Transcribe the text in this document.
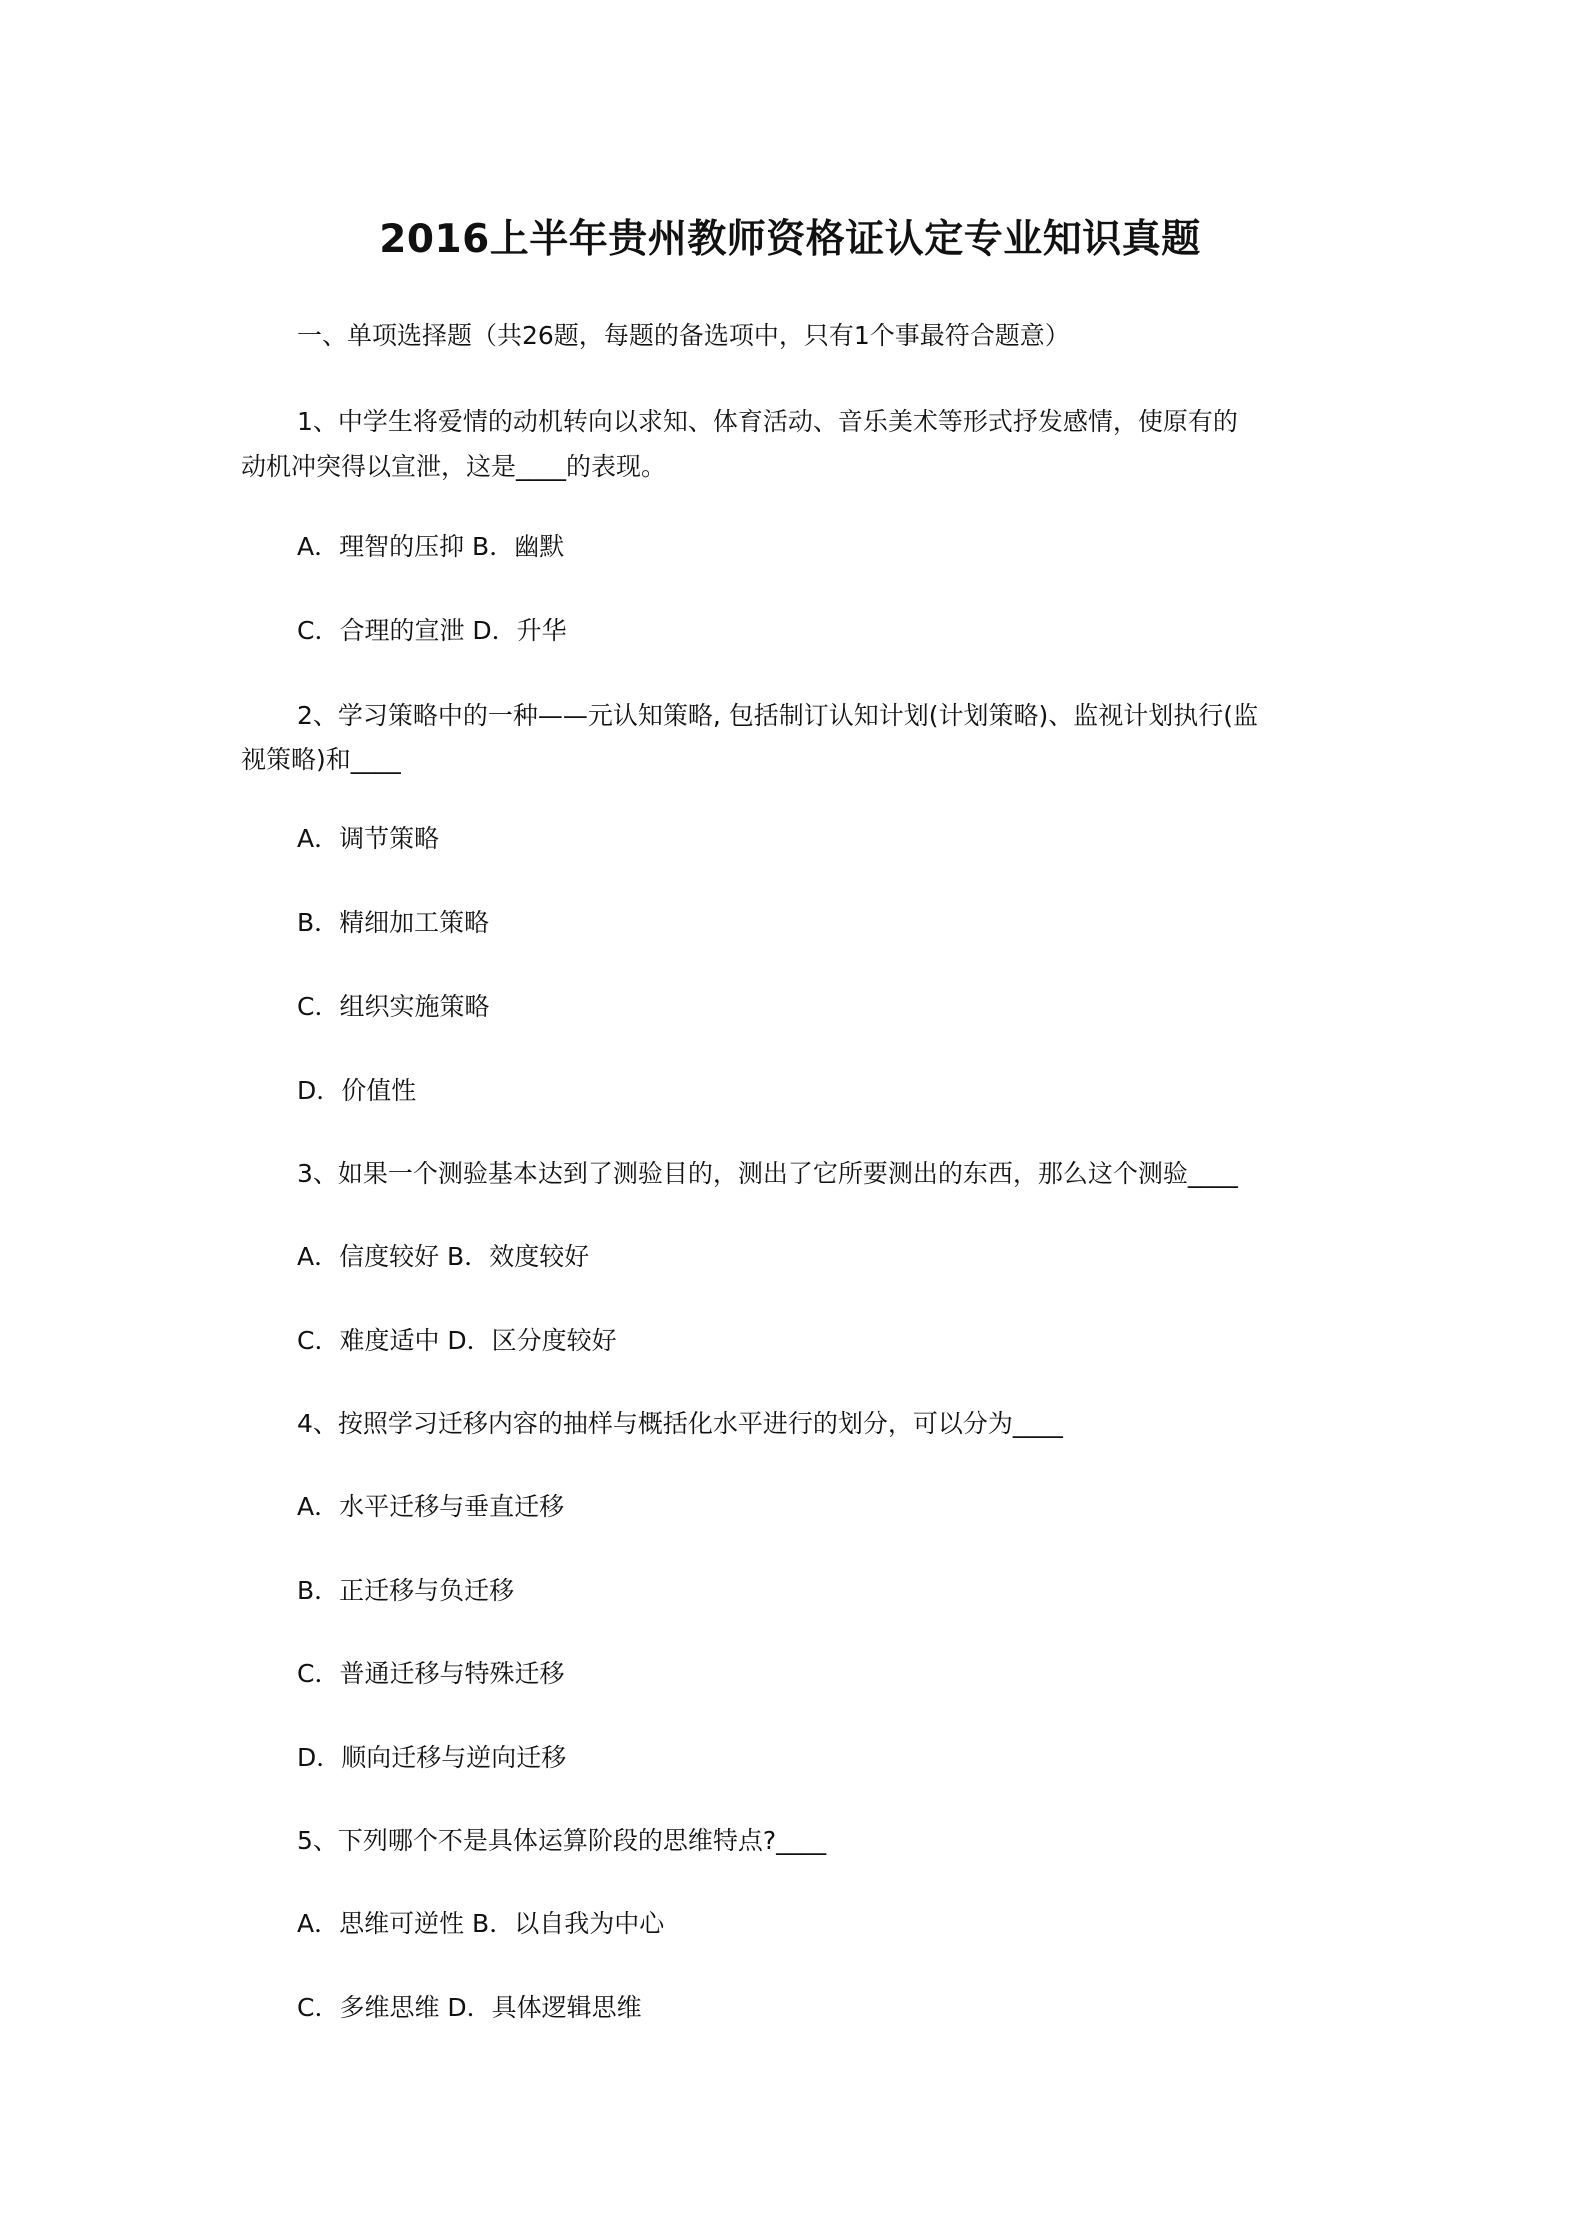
2016上半年贵州教师资格证认定专业知识真题
一、单项选择题（共26题，每题的备选项中，只有1个事最符合题意）
1、中学生将爱情的动机转向以求知、体育活动、音乐美术等形式抒发感情，使原有的
动机冲突得以宣泄，这是____的表现。
A．理智的压抑 B．幽默
C．合理的宣泄 D．升华
2、学习策略中的一种——元认知策略, 包括制订认知计划(计划策略)、监视计划执行(监
视策略)和____
A．调节策略
B．精细加工策略
C．组织实施策略
D．价值性
3、如果一个测验基本达到了测验目的，测出了它所要测出的东西，那么这个测验____
A．信度较好 B．效度较好
C．难度适中 D．区分度较好
4、按照学习迁移内容的抽样与概括化水平进行的划分，可以分为____
A．水平迁移与垂直迁移
B．正迁移与负迁移
C．普通迁移与特殊迁移
D．顺向迁移与逆向迁移
5、下列哪个不是具体运算阶段的思维特点?____
A．思维可逆性 B．以自我为中心
C．多维思维 D．具体逻辑思维
